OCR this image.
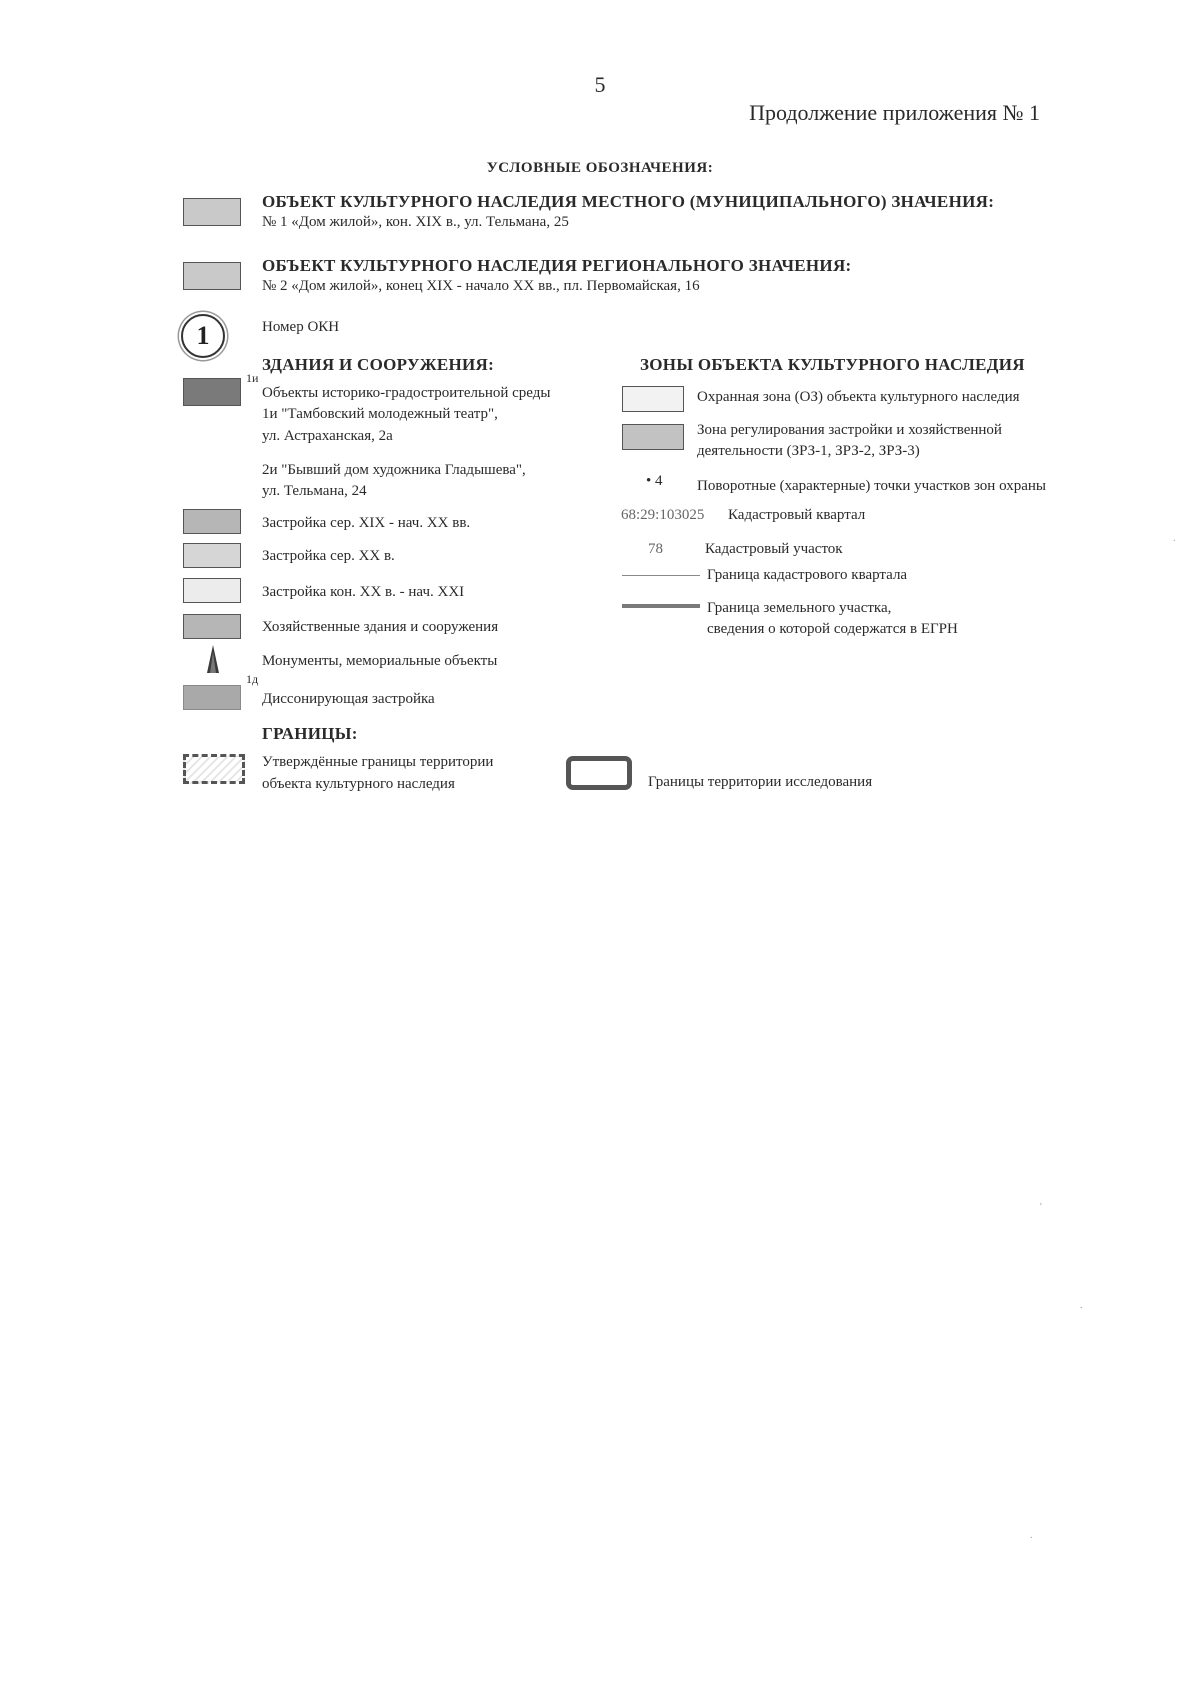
5
Продолжение приложения № 1
УСЛОВНЫЕ ОБОЗНАЧЕНИЯ:
ОБЪЕКТ КУЛЬТУРНОГО НАСЛЕДИЯ МЕСТНОГО (МУНИЦИПАЛЬНОГО) ЗНАЧЕНИЯ:
№ 1 «Дом жилой», кон. XIX в., ул. Тельмана, 25
ОБЪЕКТ КУЛЬТУРНОГО НАСЛЕДИЯ РЕГИОНАЛЬНОГО ЗНАЧЕНИЯ:
№ 2 «Дом жилой», конец XIX - начало XX вв., пл. Первомайская, 16
1	Номер ОКН
ЗДАНИЯ И СООРУЖЕНИЯ:
1и
Объекты историко-градостроительной среды
1и "Тамбовский молодежный театр",
ул. Астраханская, 2а
2и "Бывший дом художника Гладышева",
ул. Тельмана, 24
Застройка сер. XIX - нач. XX вв.
Застройка сер. XX в.
Застройка кон. XX в. - нач. XXI
Хозяйственные здания и сооружения
Монументы, мемориальные объекты
1д
Диссонирующая застройка
ГРАНИЦЫ:
Утверждённые границы территории
объекта культурного наследия	Границы территории исследования
ЗОНЫ ОБЪЕКТА КУЛЬТУРНОГО НАСЛЕДИЯ
Охранная зона (ОЗ) объекта культурного наследия
Зона регулирования застройки и хозяйственной
деятельности (ЗРЗ-1, ЗРЗ-2, ЗРЗ-3)
• 4 Поворотные (характерные) точки участков зон охраны
68:29:103025 Кадастровый квартал
78	Кадастровый участок
Граница кадастрового квартала
Граница земельного участка,
сведения о которой содержатся в ЕГРН
'
.
.
.
